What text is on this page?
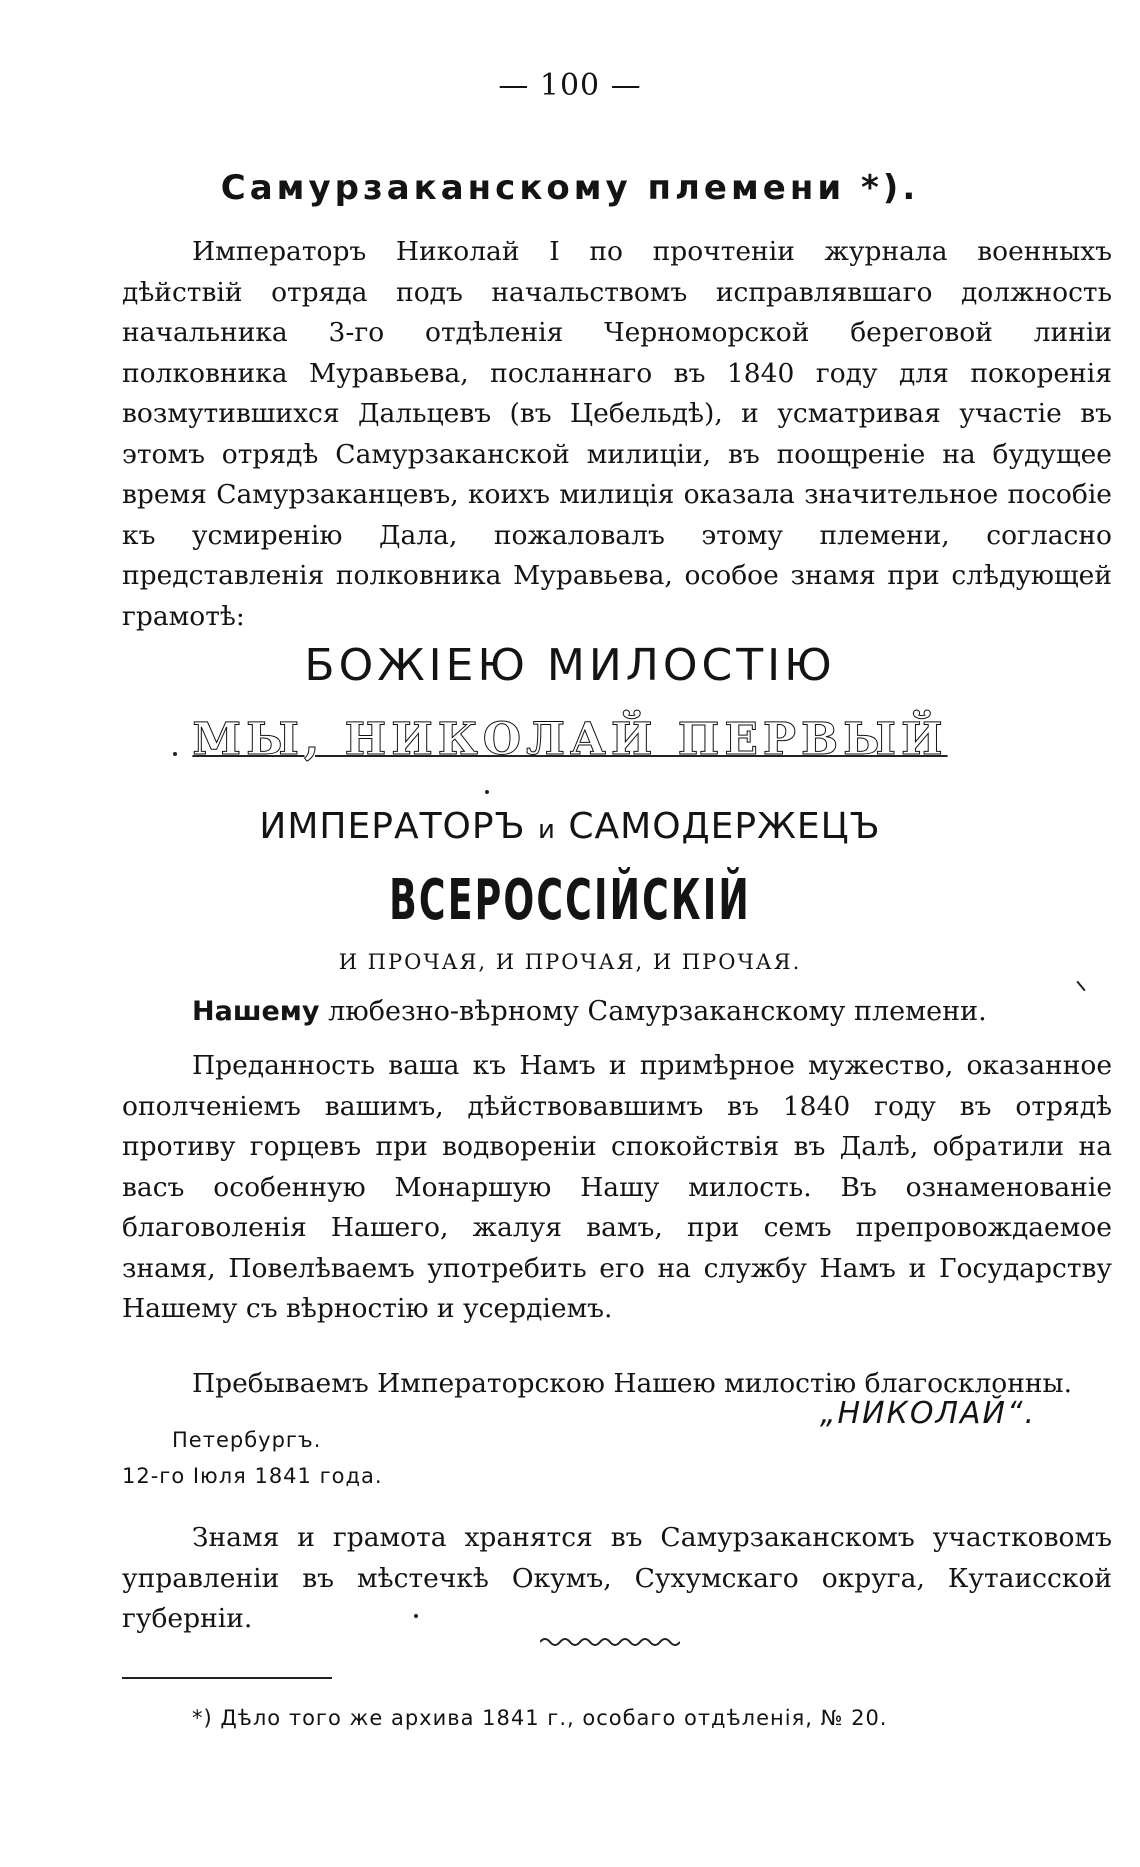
— 100 —
Самурзаканскому племени *).

Императоръ Николай I по прочтеніи журнала военныхъ дѣйствій отряда подъ начальствомъ исправлявшаго должность начальника 3-го отдѣленія Черноморской береговой линіи полковника Муравьева, посланнаго въ 1840 году для покоренія возмутившихся Дальцевъ (въ Цебельдѣ), и усматривая участіе въ этомъ отрядѣ Самурзаканской милиціи, въ поощреніе на будущее время Самурзаканцевъ, коихъ милиція оказала значительное пособіе къ усмиренію Дала, пожаловалъ этому племени, согласно представленія полковника Муравьева, особое знамя при слѣдующей грамотѣ:

БОЖІЕЮ МИЛОСТІЮ
МЫ, НИКОЛАЙ ПЕРВЫЙ
ИМПЕРАТОРЪ и САМОДЕРЖЕЦЪ
ВСЕРОССІЙСКІЙ
И ПРОЧАЯ, И ПРОЧАЯ, И ПРОЧАЯ.
Нашему любезно-вѣрному Самурзаканскому племени.

Преданность ваша къ Намъ и примѣрное мужество, оказанное ополченіемъ вашимъ, дѣйствовавшимъ въ 1840 году въ отрядѣ противу горцевъ при водвореніи спокойствія въ Далѣ, обратили на васъ особенную Монаршую Нашу милость. Въ ознаменованіе благоволенія Нашего, жалуя вамъ, при семъ препровождаемое знамя, Повелѣваемъ употребить его на службу Намъ и Государству Нашему съ вѣрностію и усердіемъ.

Пребываемъ Императорскою Нашею милостію благосклонны.

„НИКОЛАЙ“.
Петербургъ.
12-го Іюля 1841 года.

Знамя и грамота хранятся въ Самурзаканскомъ участковомъ управленіи въ мѣстечкѣ Окумъ, Сухумскаго округа, Кутаисской губерніи.

*) Дѣло того же архива 1841 г., особаго отдѣленія, № 20.
